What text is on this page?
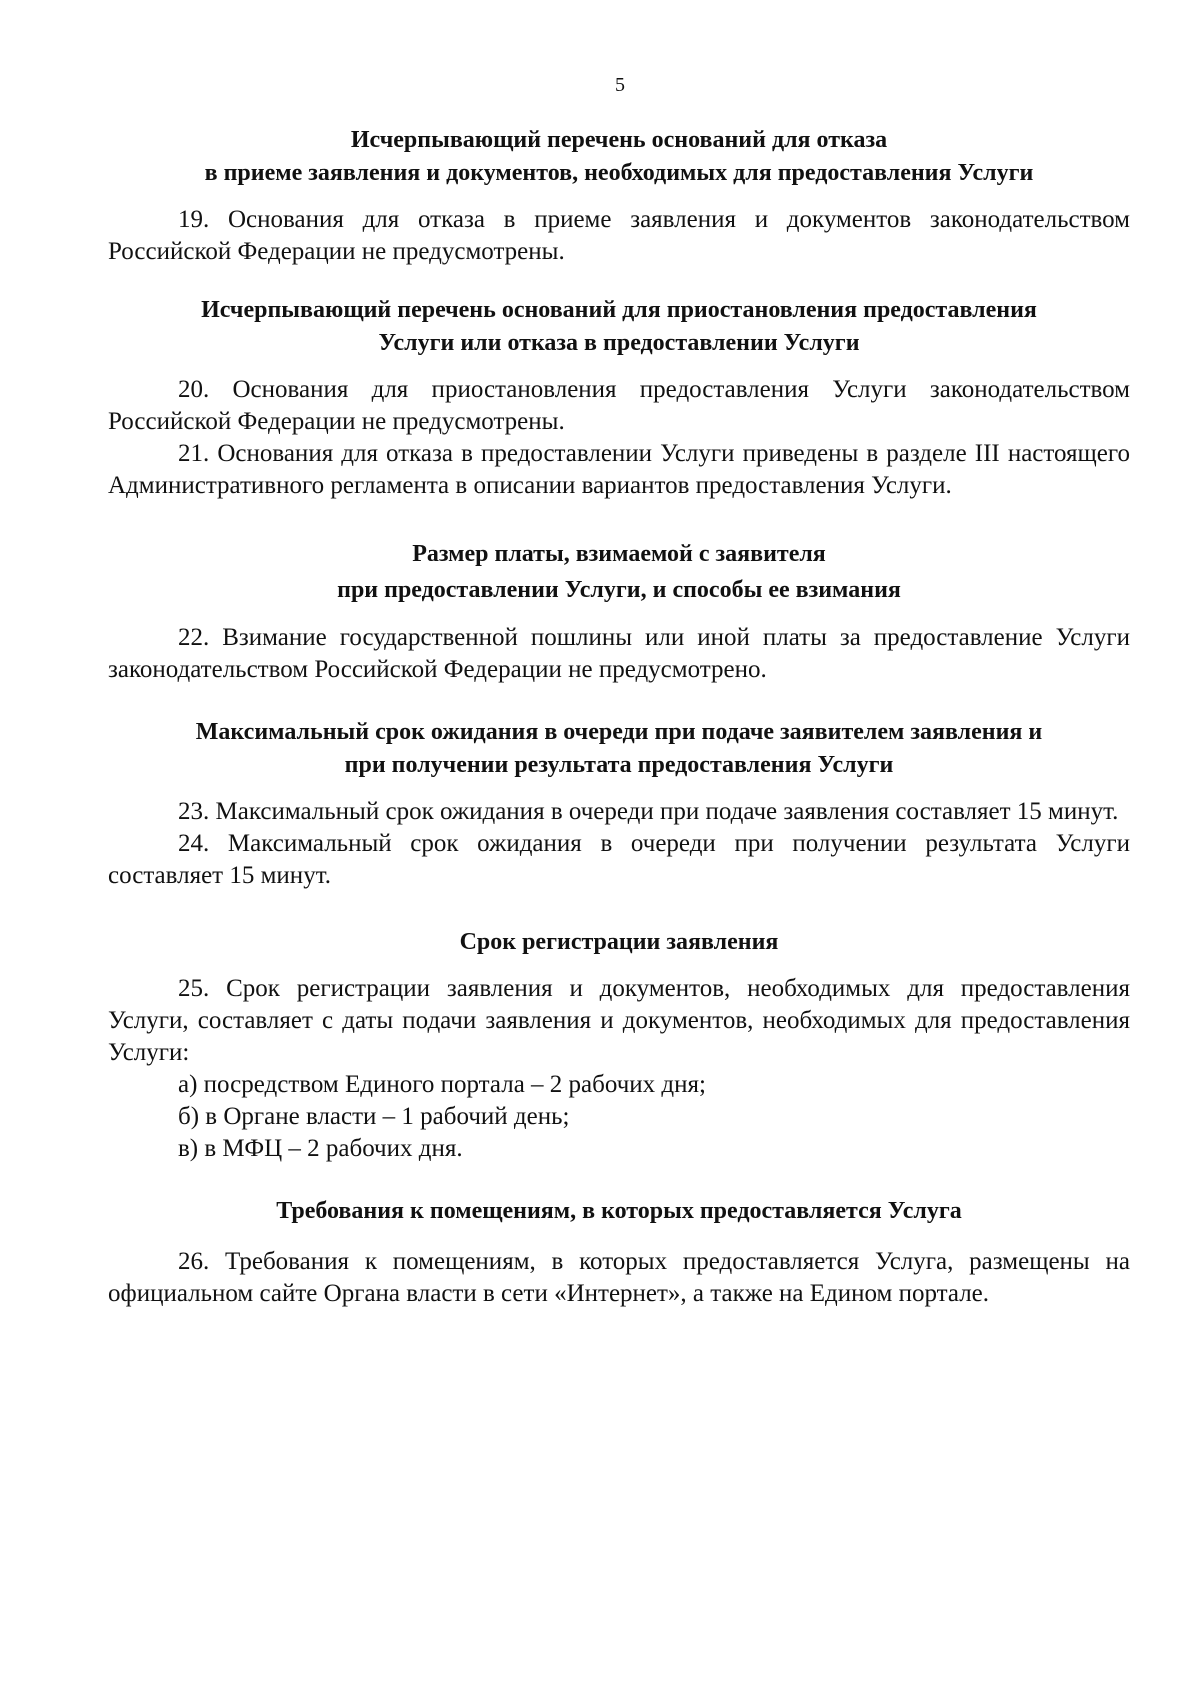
5
Исчерпывающий перечень оснований для отказа
в приеме заявления и документов, необходимых для предоставления Услуги

19. Основания для отказа в приеме заявления и документов законодательством Российской Федерации не предусмотрены.

Исчерпывающий перечень оснований для приостановления предоставления
Услуги или отказа в предоставлении Услуги

20. Основания для приостановления предоставления Услуги законодательством Российской Федерации не предусмотрены.

21. Основания для отказа в предоставлении Услуги приведены в разделе III настоящего Административного регламента в описании вариантов предоставления Услуги.

Размер платы, взимаемой с заявителя
при предоставлении Услуги, и способы ее взимания

22. Взимание государственной пошлины или иной платы за предоставление Услуги законодательством Российской Федерации не предусмотрено.

Максимальный срок ожидания в очереди при подаче заявителем заявления и
при получении результата предоставления Услуги

23. Максимальный срок ожидания в очереди при подаче заявления составляет 15 минут.

24. Максимальный срок ожидания в очереди при получении результата Услуги составляет 15 минут.

Срок регистрации заявления

25. Срок регистрации заявления и документов, необходимых для предоставления Услуги, составляет с даты подачи заявления и документов, необходимых для предоставления Услуги:

а) посредством Единого портала – 2 рабочих дня;

б) в Органе власти – 1 рабочий день;

в) в МФЦ – 2 рабочих дня.

Требования к помещениям, в которых предоставляется Услуга

26. Требования к помещениям, в которых предоставляется Услуга, размещены на официальном сайте Органа власти в сети «Интернет», а также на Едином портале.
